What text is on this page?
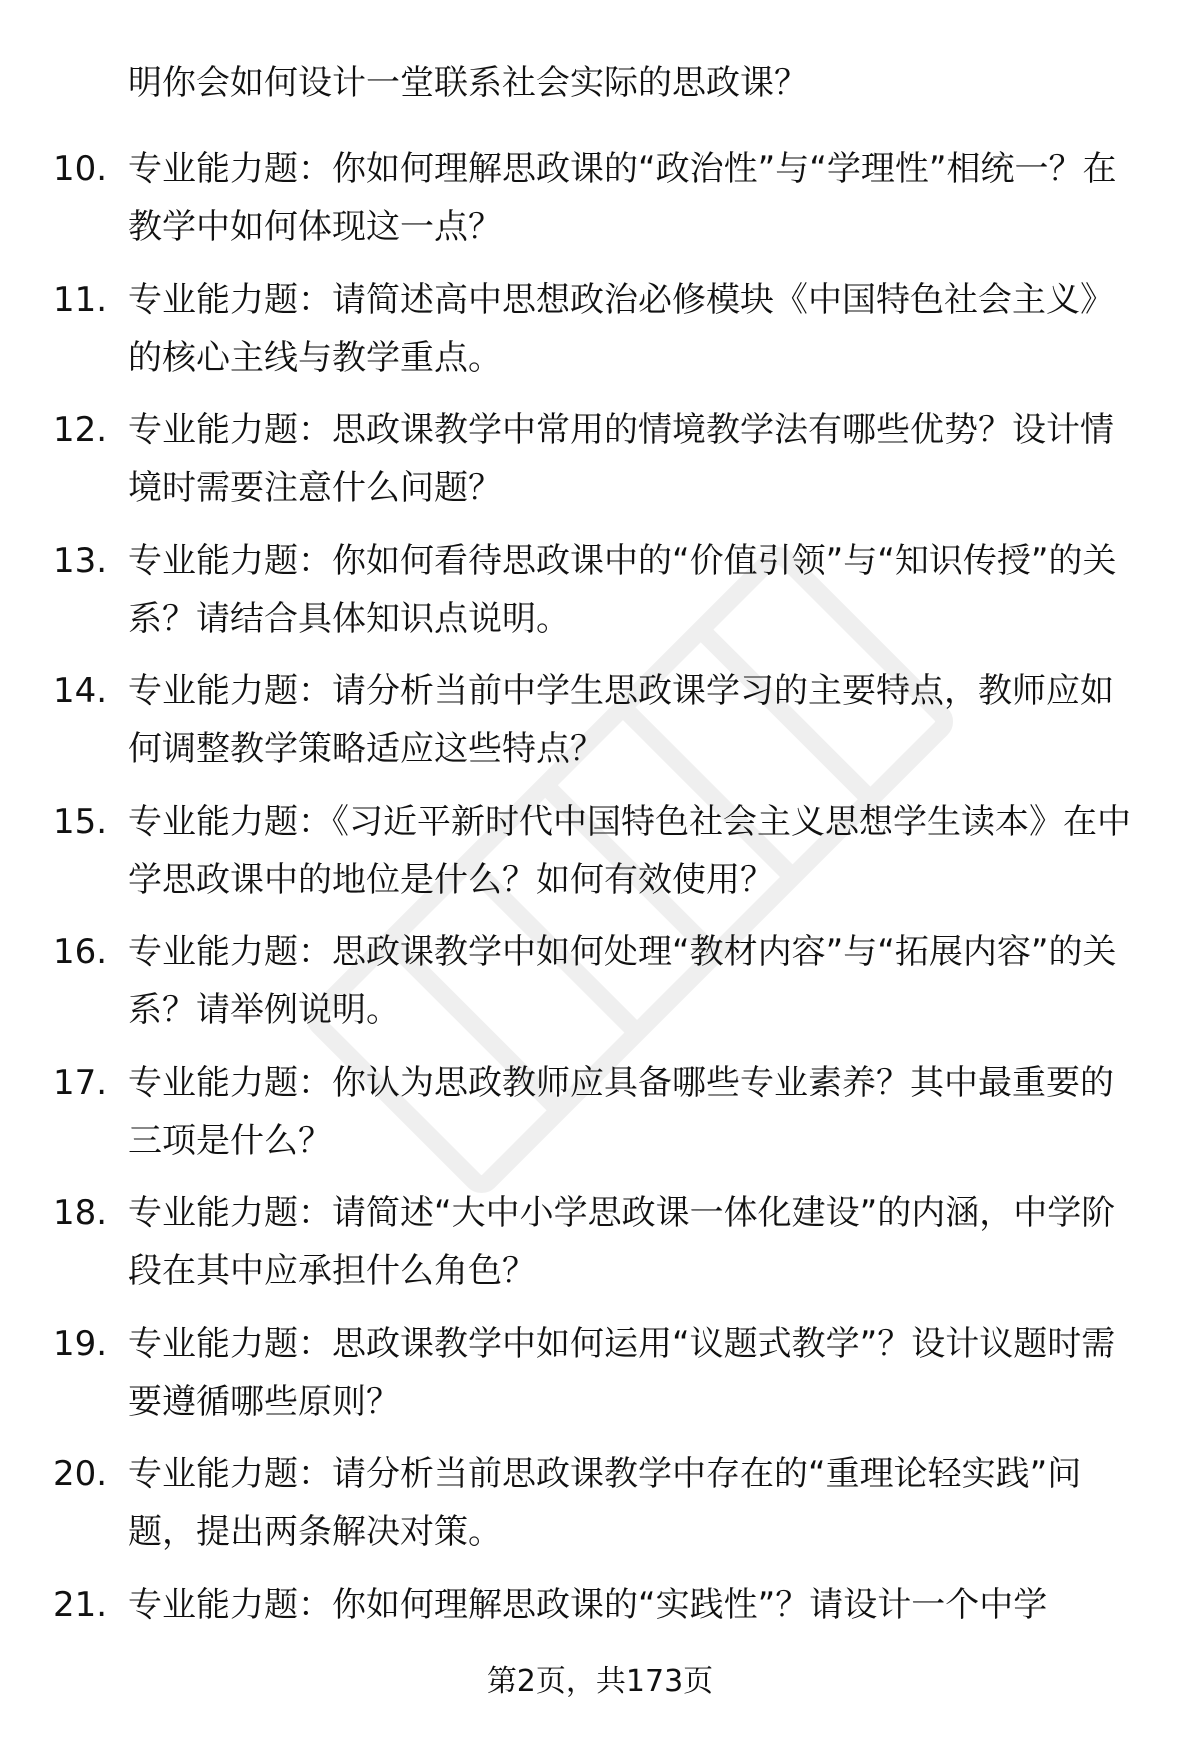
明你会如何设计一堂联系社会实际的思政课？
10. 专业能力题：你如何理解思政课的“政治性”与“学理性”相统一？在教学中如何体现这一点？
11. 专业能力题：请简述高中思想政治必修模块《中国特色社会主义》的核心主线与教学重点。
12. 专业能力题：思政课教学中常用的情境教学法有哪些优势？设计情境时需要注意什么问题？
13. 专业能力题：你如何看待思政课中的“价值引领”与“知识传授”的关系？请结合具体知识点说明。
14. 专业能力题：请分析当前中学生思政课学习的主要特点，教师应如何调整教学策略适应这些特点？
15. 专业能力题：《习近平新时代中国特色社会主义思想学生读本》在中学思政课中的地位是什么？如何有效使用？
16. 专业能力题：思政课教学中如何处理“教材内容”与“拓展内容”的关系？请举例说明。
17. 专业能力题：你认为思政教师应具备哪些专业素养？其中最重要的三项是什么？
18. 专业能力题：请简述“大中小学思政课一体化建设”的内涵，中学阶段在其中应承担什么角色？
19. 专业能力题：思政课教学中如何运用“议题式教学”？设计议题时需要遵循哪些原则？
20. 专业能力题：请分析当前思政课教学中存在的“重理论轻实践”问题，提出两条解决对策。
21. 专业能力题：你如何理解思政课的“实践性”？请设计一个中学
第2页，共173页
